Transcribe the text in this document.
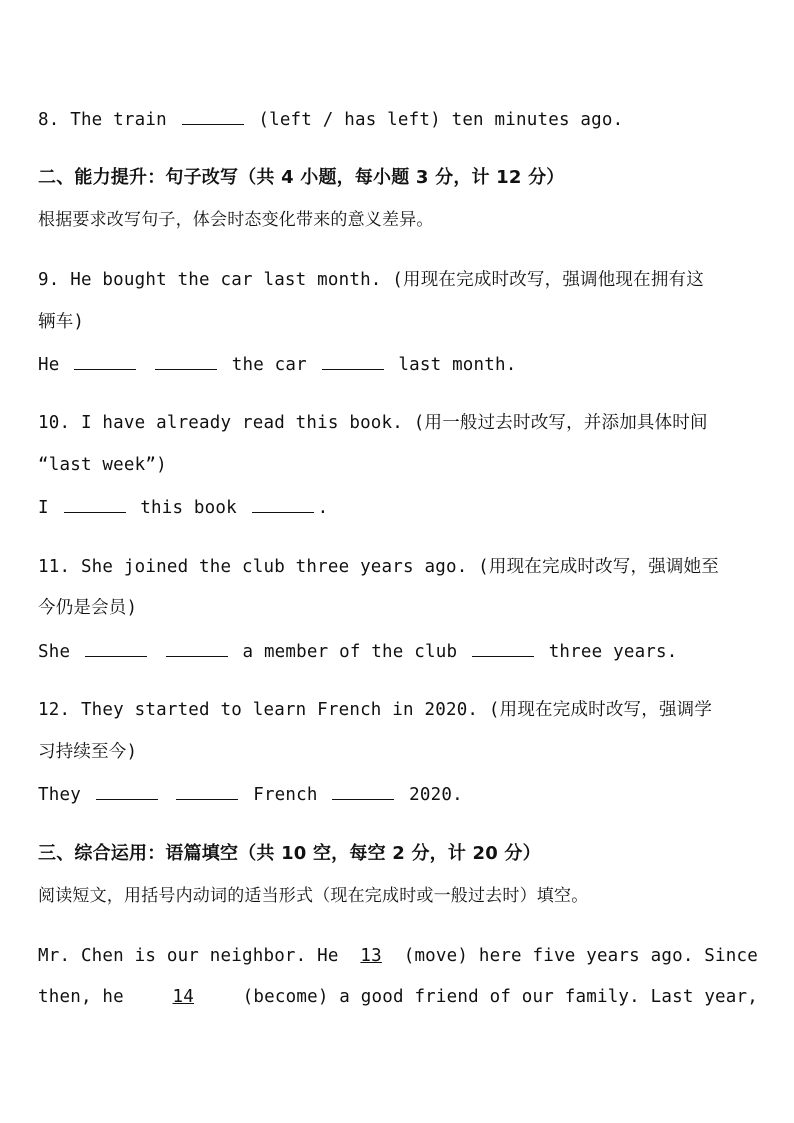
8. The train	(left / has left) ten minutes ago.
二、能力提升：句子改写（共 4 小题，每小题 3 分，计 12 分）
根据要求改写句子，体会时态变化带来的意义差异。
9. He bought the car last month. (用现在完成时改写，强调他现在拥有这
辆车)
He	the car	last month.
10. I have already read this book. (用一般过去时改写，并添加具体时间
“last week”)
I	this book	.
11. She joined the club three years ago. (用现在完成时改写，强调她至
今仍是会员)
She	a member of the club	three years.
12. They started to learn French in 2020. (用现在完成时改写，强调学
习持续至今)
They	French	2020.
三、综合运用：语篇填空（共 10 空，每空 2 分，计 20 分）
阅读短文，用括号内动词的适当形式（现在完成时或一般过去时）填空。
Mr. Chen is our neighbor. He 13 (move) here five years ago. Since
then, he	14	(become) a good friend of our family. Last year,
